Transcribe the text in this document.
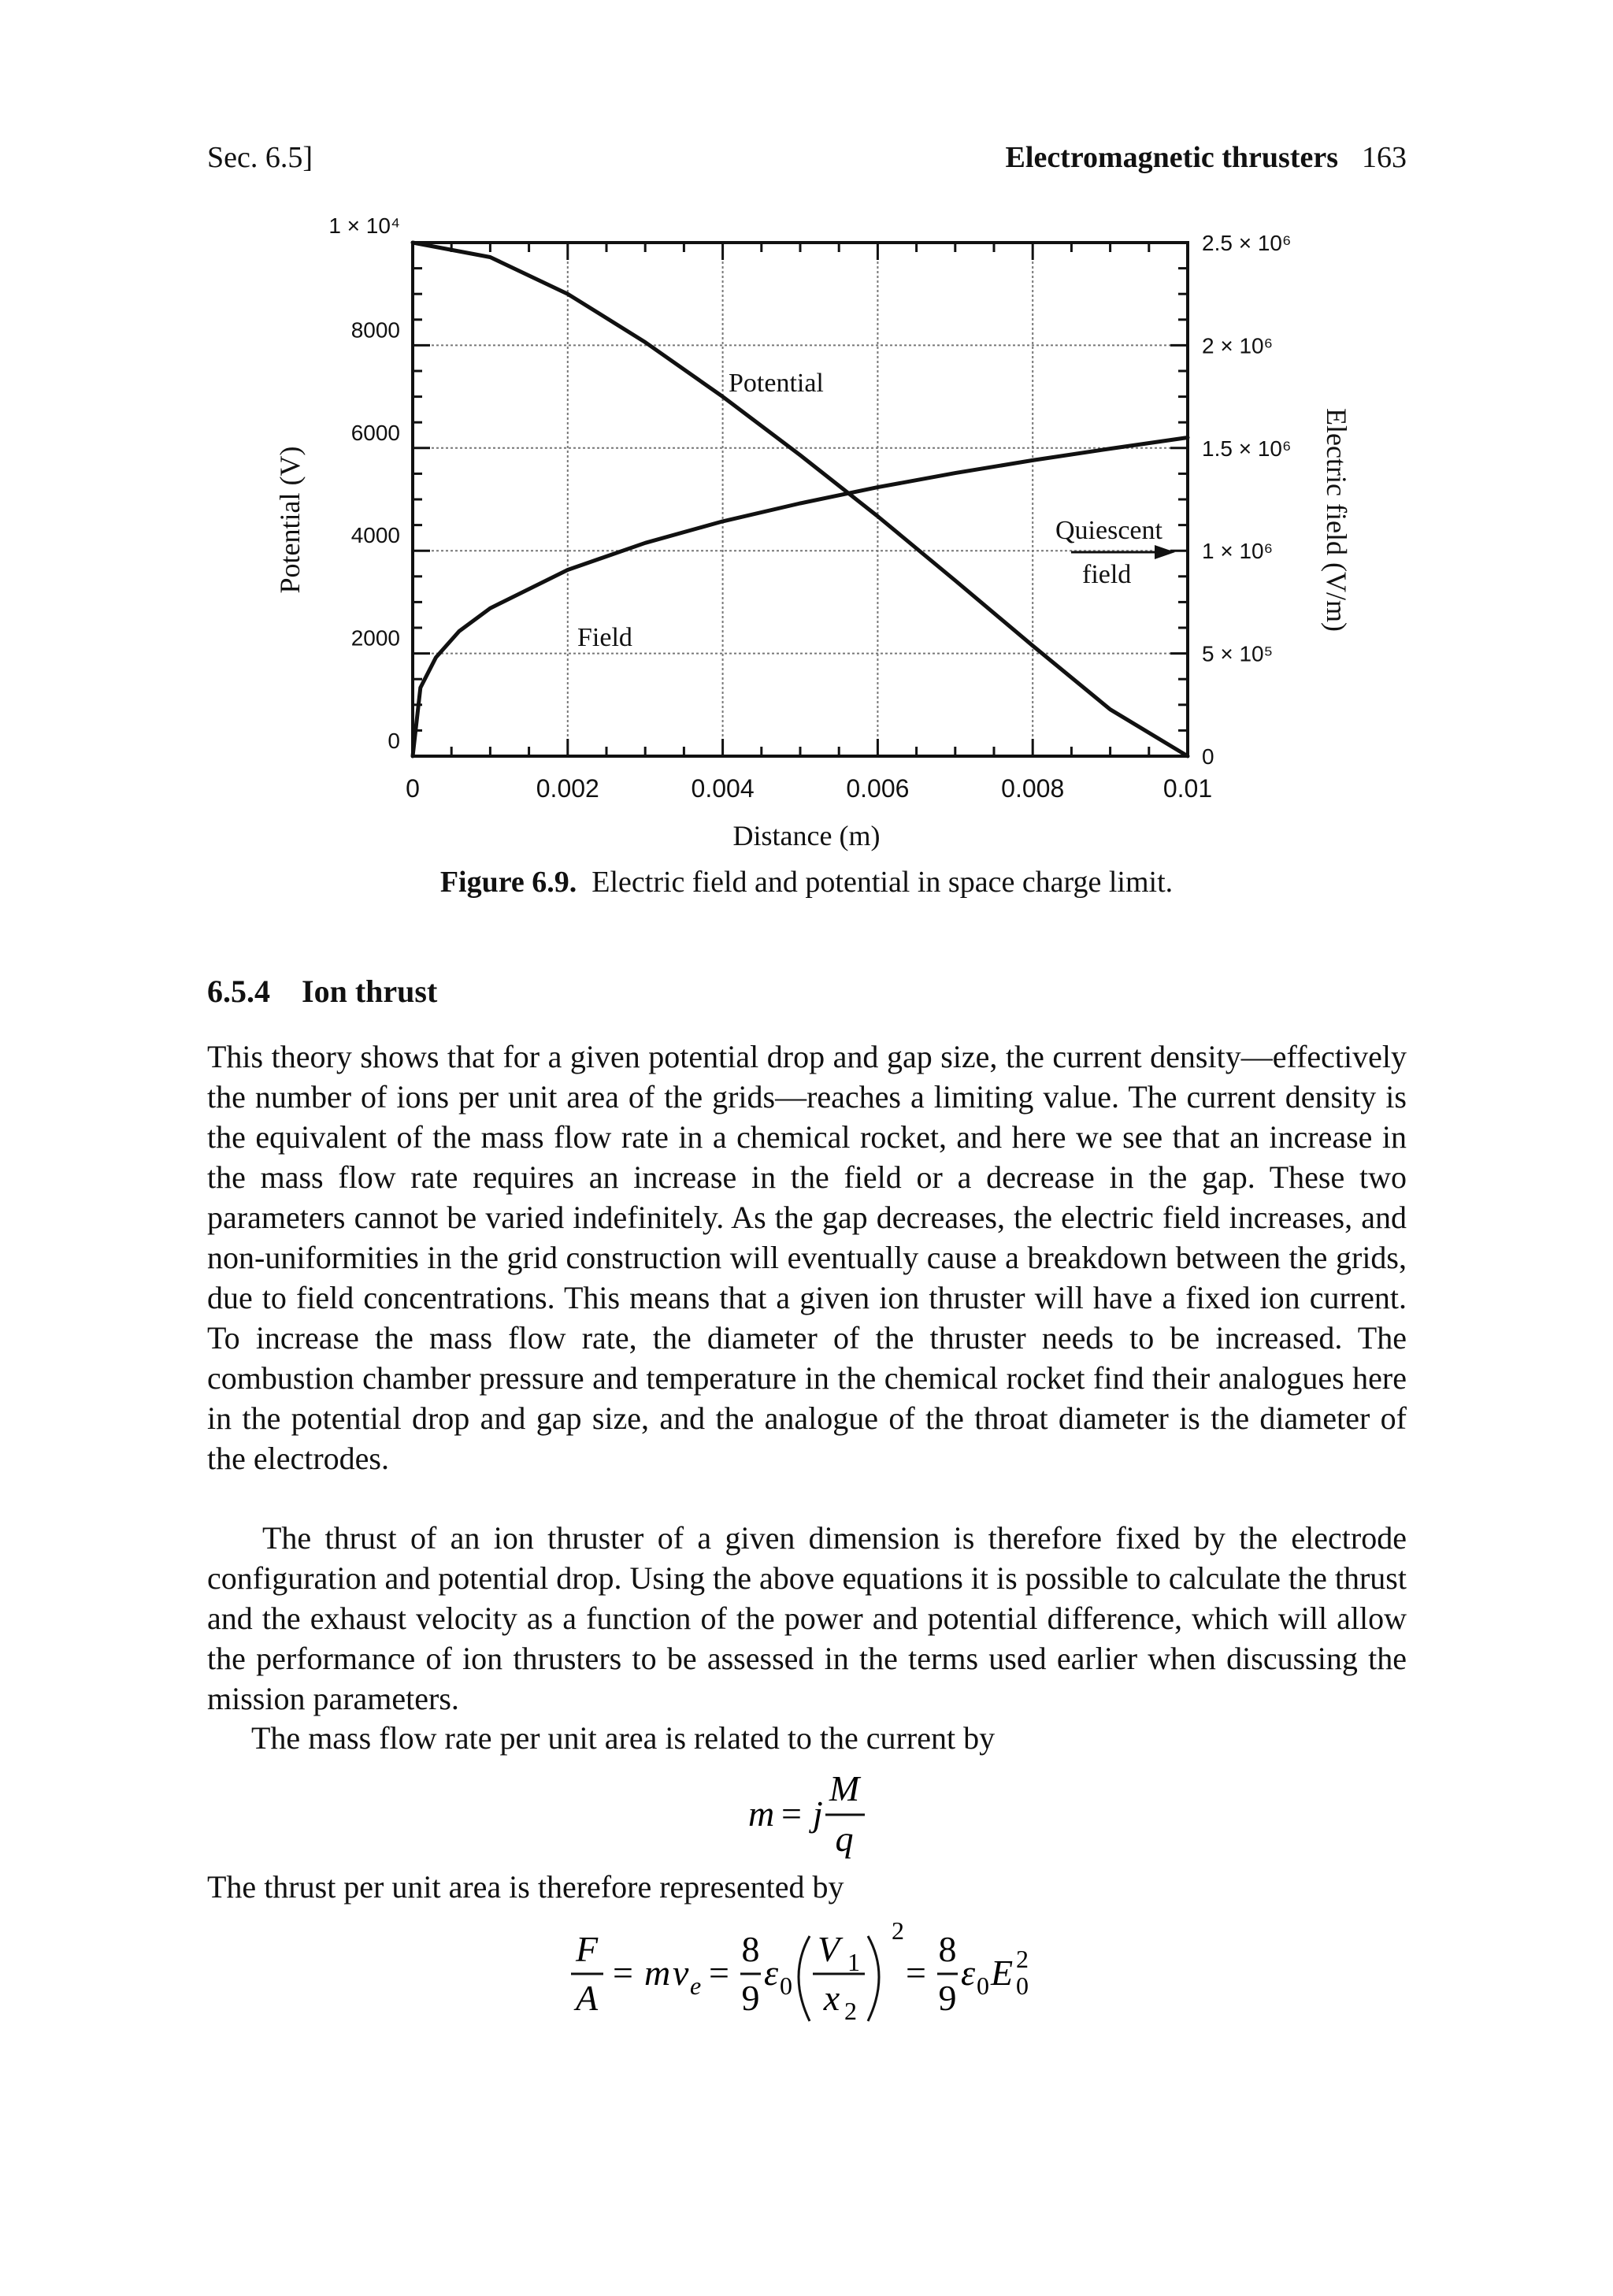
Sec. 6.5]	Electromagnetic thrusters 163
0	0.002	0.004	0.006	0.008	0.01
0
2000
4000
6000
8000
1 × 10⁴
0
5 × 10⁵
1 × 10⁶
1.5 × 10⁶
2 × 10⁶
2.5 × 10⁶
Distance (m)
Potential (V)	Electric field (V/m)
Potential
Field
Quiescent
field
Figure 6.9. Electric field and potential in space charge limit.
6.5.4 Ion thrust

This theory shows that for a given potential drop and gap size, the current density—effectively the number of ions per unit area of the grids—reaches a limiting value. The current density is the equivalent of the mass flow rate in a chemical rocket, and here we see that an increase in the mass flow rate requires an increase in the field or a decrease in the gap. These two parameters cannot be varied indefinitely. As the gap decreases, the electric field increases, and non-uniformities in the grid construction will eventually cause a breakdown between the grids, due to field concentrations. This means that a given ion thruster will have a fixed ion current. To increase the mass flow rate, the diameter of the thruster needs to be increased. The combustion chamber pressure and temperature in the chemical rocket find their analogues here in the potential drop and gap size, and the analogue of the throat diameter is the diameter of the electrodes.

The thrust of an ion thruster of a given dimension is therefore fixed by the electrode configuration and potential drop. Using the above equations it is possible to calculate the thrust and the exhaust velocity as a function of the power and potential difference, which will allow the performance of ion thrusters to be assessed in the terms used earlier when discussing the mission parameters.

The mass flow rate per unit area is related to the current by

m = j
M
q

The thrust per unit area is therefore represented by

F
A
= m v e =
8
9
ε 0
V 1
x 2
2
=
8
9
ε 0 E 0
2
